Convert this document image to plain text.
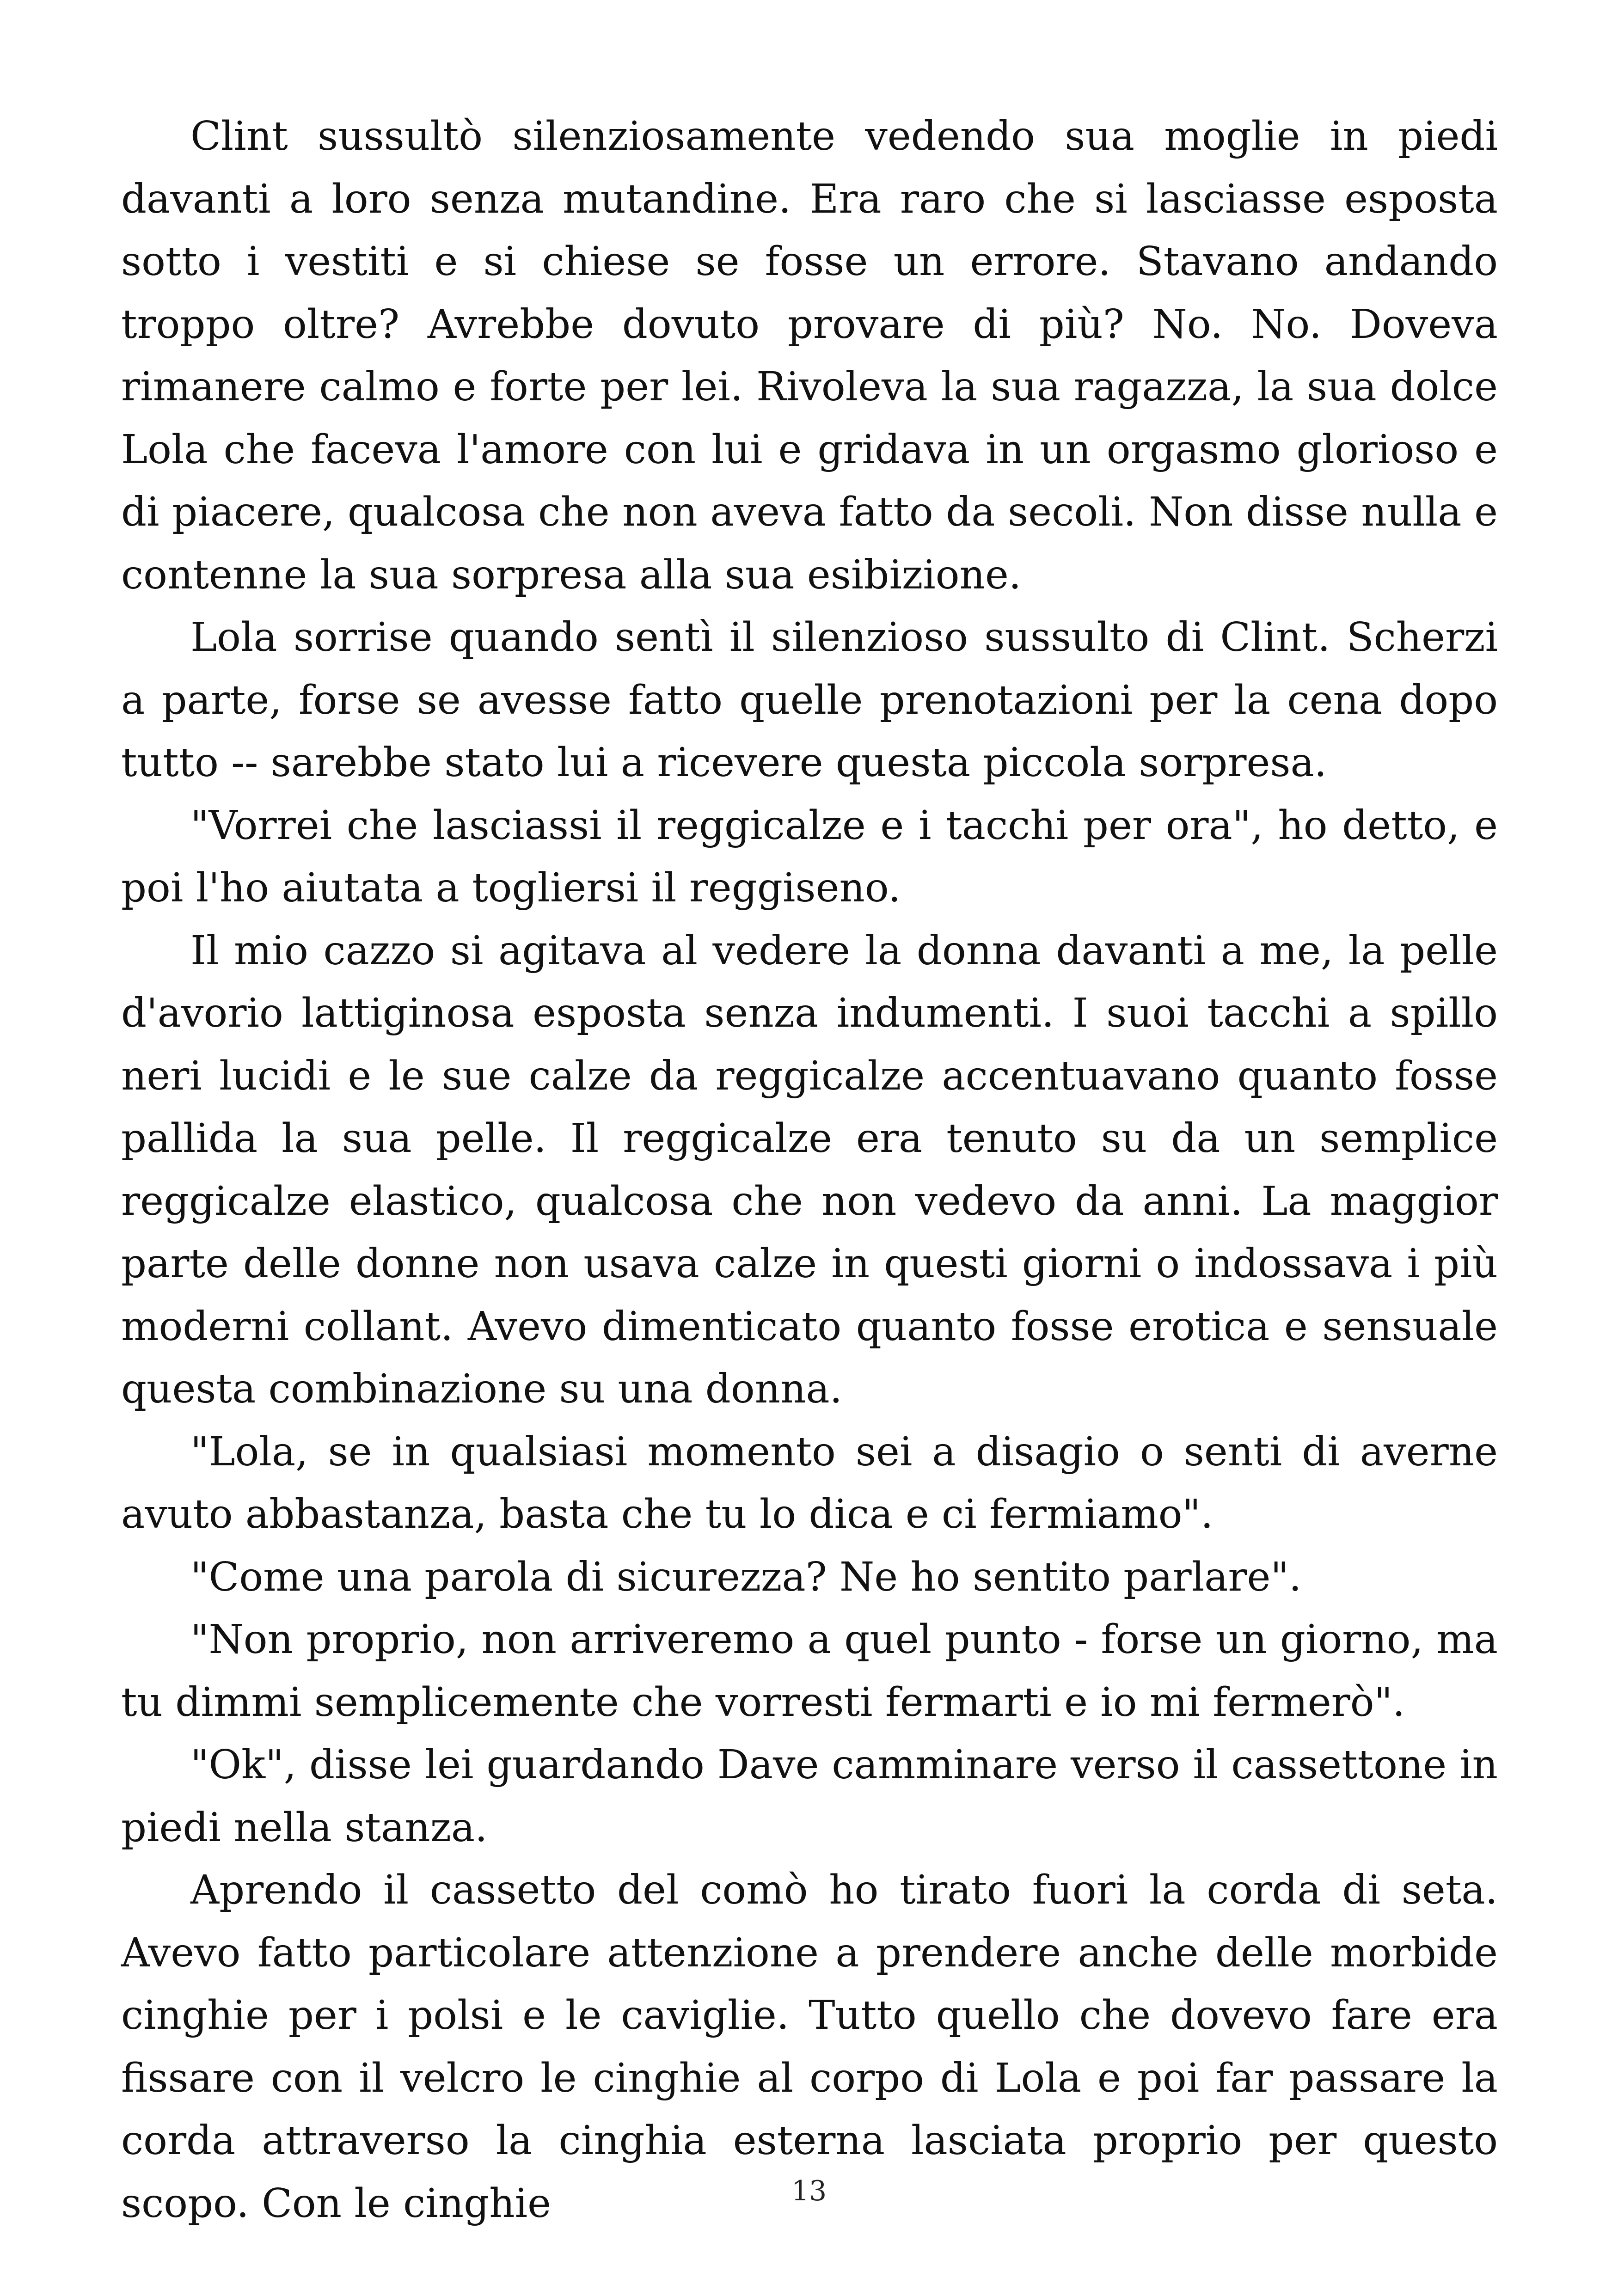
Clint sussultò silenziosamente vedendo sua moglie in piedi davanti a loro senza mutandine. Era raro che si lasciasse esposta sotto i vestiti e si chiese se fosse un errore. Stavano andando troppo oltre? Avrebbe dovuto provare di più? No. No. Doveva rimanere calmo e forte per lei. Rivoleva la sua ragazza, la sua dolce Lola che faceva l'amore con lui e gridava in un orgasmo glorioso e di piacere, qualcosa che non aveva fatto da secoli. Non disse nulla e contenne la sua sorpresa alla sua esibizione.

Lola sorrise quando sentì il silenzioso sussulto di Clint. Scherzi a parte, forse se avesse fatto quelle prenotazioni per la cena dopo tutto -- sarebbe stato lui a ricevere questa piccola sorpresa.

"Vorrei che lasciassi il reggicalze e i tacchi per ora", ho detto, e poi l'ho aiutata a togliersi il reggiseno.

Il mio cazzo si agitava al vedere la donna davanti a me, la pelle d'avorio lattiginosa esposta senza indumenti. I suoi tacchi a spillo neri lucidi e le sue calze da reggicalze accentuavano quanto fosse pallida la sua pelle. Il reggicalze era tenuto su da un semplice reggicalze elastico, qualcosa che non vedevo da anni. La maggior parte delle donne non usava calze in questi giorni o indossava i più moderni collant. Avevo dimenticato quanto fosse erotica e sensuale questa combinazione su una donna.

"Lola, se in qualsiasi momento sei a disagio o senti di averne avuto abbastanza, basta che tu lo dica e ci fermiamo".

"Come una parola di sicurezza? Ne ho sentito parlare".

"Non proprio, non arriveremo a quel punto - forse un giorno, ma tu dimmi semplicemente che vorresti fermarti e io mi fermerò".

"Ok", disse lei guardando Dave camminare verso il cassettone in piedi nella stanza.

Aprendo il cassetto del comò ho tirato fuori la corda di seta. Avevo fatto particolare attenzione a prendere anche delle morbide cinghie per i polsi e le caviglie. Tutto quello che dovevo fare era fissare con il velcro le cinghie al corpo di Lola e poi far passare la corda attraverso la cinghia esterna lasciata proprio per questo scopo. Con le cinghie	13
